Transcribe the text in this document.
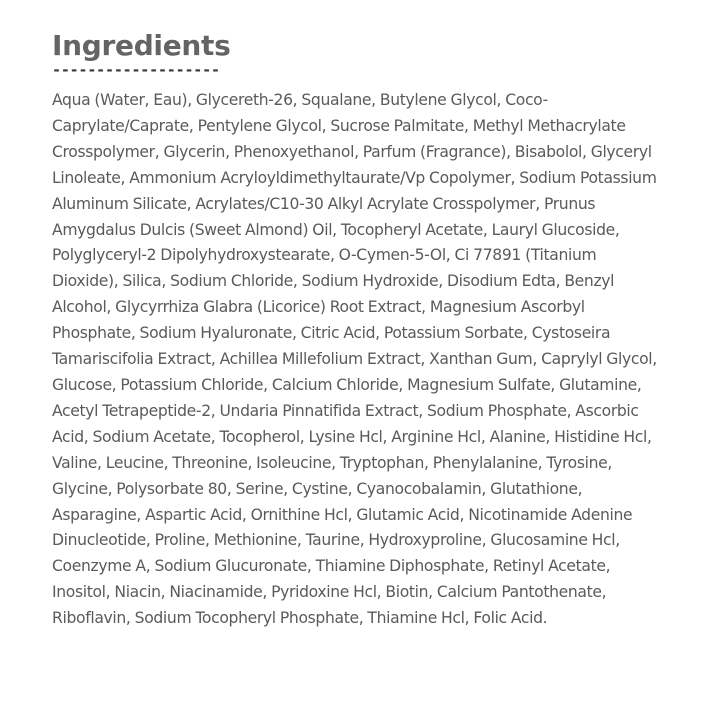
Ingredients
-------------------

Aqua (Water, Eau), Glycereth-26, Squalane, Butylene Glycol, Coco-Caprylate/Caprate, Pentylene Glycol, Sucrose Palmitate, Methyl Methacrylate Crosspolymer, Glycerin, Phenoxyethanol, Parfum (Fragrance), Bisabolol, Glyceryl Linoleate, Ammonium Acryloyldimethyltaurate/Vp Copolymer, Sodium Potassium Aluminum Silicate, Acrylates/C10-30 Alkyl Acrylate Crosspolymer, Prunus Amygdalus Dulcis (Sweet Almond) Oil, Tocopheryl Acetate, Lauryl Glucoside, Polyglyceryl-2 Dipolyhydroxystearate, O-Cymen-5-Ol, Ci 77891 (Titanium Dioxide), Silica, Sodium Chloride, Sodium Hydroxide, Disodium Edta, Benzyl Alcohol, Glycyrrhiza Glabra (Licorice) Root Extract, Magnesium Ascorbyl Phosphate, Sodium Hyaluronate, Citric Acid, Potassium Sorbate, Cystoseira Tamariscifolia Extract, Achillea Millefolium Extract, Xanthan Gum, Caprylyl Glycol, Glucose, Potassium Chloride, Calcium Chloride, Magnesium Sulfate, Glutamine, Acetyl Tetrapeptide-2, Undaria Pinnatifida Extract, Sodium Phosphate, Ascorbic Acid, Sodium Acetate, Tocopherol, Lysine Hcl, Arginine Hcl, Alanine, Histidine Hcl, Valine, Leucine, Threonine, Isoleucine, Tryptophan, Phenylalanine, Tyrosine, Glycine, Polysorbate 80, Serine, Cystine, Cyanocobalamin, Glutathione, Asparagine, Aspartic Acid, Ornithine Hcl, Glutamic Acid, Nicotinamide Adenine Dinucleotide, Proline, Methionine, Taurine, Hydroxyproline, Glucosamine Hcl, Coenzyme A, Sodium Glucuronate, Thiamine Diphosphate, Retinyl Acetate, Inositol, Niacin, Niacinamide, Pyridoxine Hcl, Biotin, Calcium Pantothenate, Riboflavin, Sodium Tocopheryl Phosphate, Thiamine Hcl, Folic Acid.
